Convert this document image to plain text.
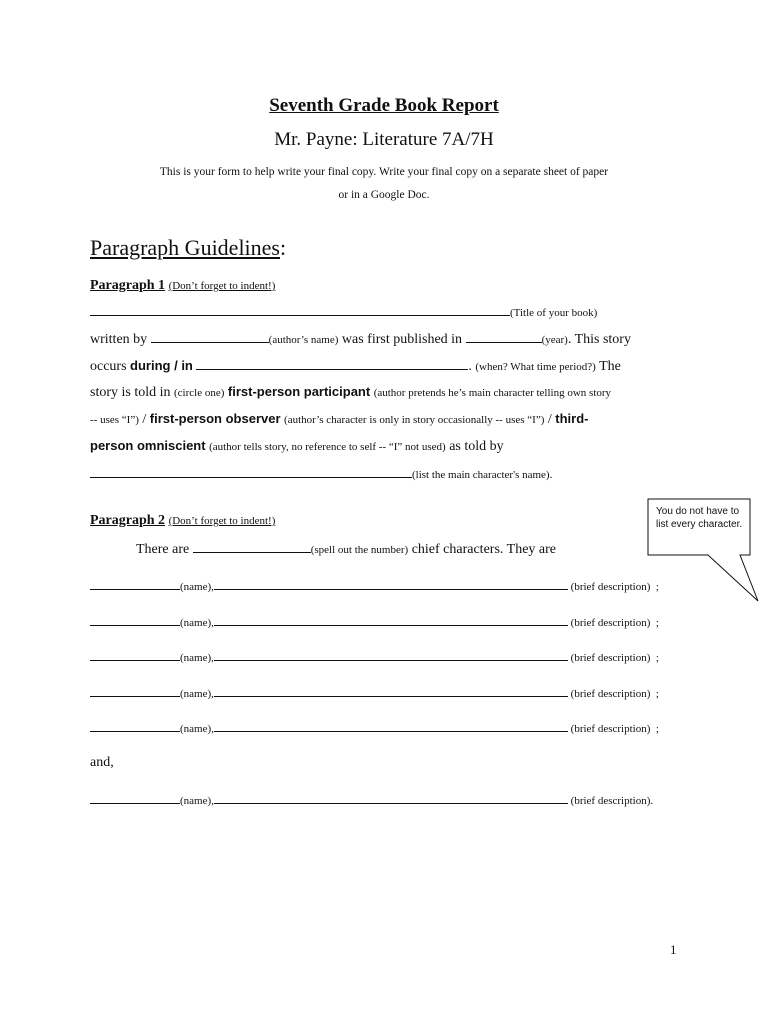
Seventh Grade Book Report
Mr. Payne: Literature 7A/7H
This is your form to help write your final copy. Write your final copy on a separate sheet of paper
or in a Google Doc.
Paragraph Guidelines:
Paragraph 1 (Don’t forget to indent!)
(Title of your book)
written by	(author’s name) was first published in	(year). This story
occurs during / in	. (when? What time period?) The
story is told in (circle one) first-person participant (author pretends he’s main character telling own story
-- uses “I”) / first-person observer (author’s character is only in story occasionally -- uses “I”) / third-
person omniscient (author tells story, no reference to self -- “I” not used) as told by
(list the main character's name).
Paragraph 2 (Don’t forget to indent!)
There are	(spell out the number) chief characters. They are
(name),	(brief description) ;
(name),	(brief description) ;
(name),	(brief description) ;
(name),	(brief description) ;
(name),	(brief description) ;
and,
(name),	(brief description).
You do not have to list every character.
1
